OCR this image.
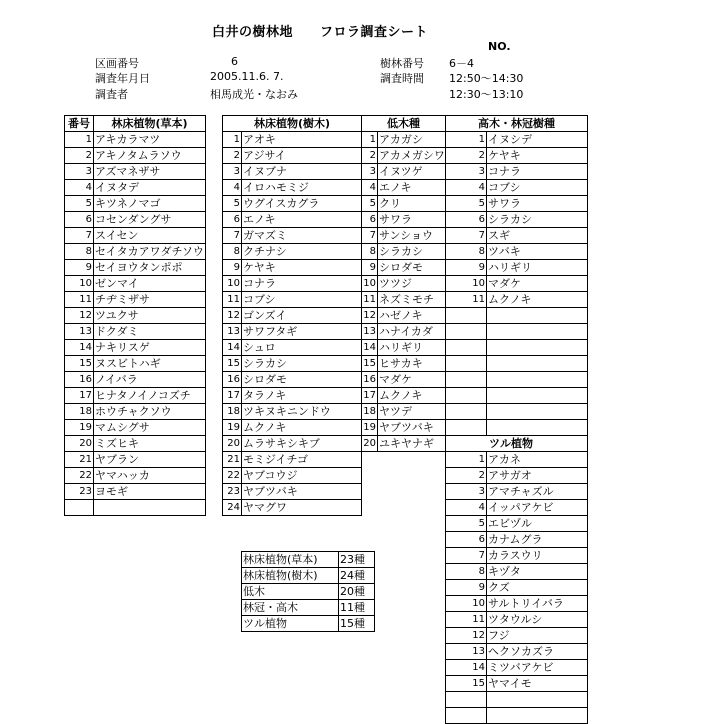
白井の樹林地　　フロラ調査シート
NO.
区画番号	6
調査年月日	2005.11.6. 7.
調査者	相馬成光・なおみ
樹林番号 6－4
調査時間 12:50～14:30
12:30～13:10
番号	林床植物(草本)
1	アキカラマツ
2	アキノタムラソウ
3	アズマネザサ
4	イヌタデ
5	キツネノマゴ
6	コセンダングサ
7	スイセン
8	セイタカアワダチソウ
9	セイヨウタンポポ
10	ゼンマイ
11	チヂミザサ
12	ツユクサ
13	ドクダミ
14	ナキリスゲ
15	ヌスビトハギ
16	ノイバラ
17	ヒナタノイノコズチ
18	ホウチャクソウ
19	マムシグサ
20	ミズヒキ
21	ヤブラン
22	ヤマハッカ
23	ヨモギ

林床植物(樹木)	
1	アオキ
2	アジサイ
3	イヌブナ
4	イロハモミジ
5	ウグイスカグラ
6	エノキ
7	ガマズミ
8	クチナシ
9	ケヤキ
10	コナラ
11	コブシ
12	ゴンズイ
13	サワフタギ
14	シュロ
15	シラカシ
16	シロダモ
17	タラノキ
18	ツキヌキニンドウ
19	ムクノキ
20	ムラサキシキブ
21	モミジイチゴ
22	ヤブコウジ
23	ヤブツバキ
24	ヤマグワ
低木種	
1	アカガシ
2	アカメガシワ
3	イヌツゲ
4	エノキ
5	クリ
6	サワラ
7	サンショウ
8	シラカシ
9	シロダモ
10	ツツジ
11	ネズミモチ
12	ハゼノキ
13	ハナイカダ
14	ハリギリ
15	ヒサカキ
16	マダケ
17	ムクノキ
18	ヤツデ
19	ヤブツバキ
20	ユキヤナギ
高木・林冠樹種	
1	イヌシデ
2	ケヤキ
3	コナラ
4	コブシ
5	サワラ
6	シラカシ
7	スギ
8	ツバキ
9	ハリギリ
10	マダケ
11	ムクノキ

ツル植物	
1	アカネ
2	アサガオ
3	アマチャズル
4	イッパアケビ
5	エビヅル
6	カナムグラ
7	カラスウリ
8	キヅタ
9	クズ
10	サルトリイバラ
11	ツタウルシ
12	フジ
13	ヘクソカズラ
14	ミツバアケビ
15	ヤマイモ

林床植物(草本)	23種
林床植物(樹木)	24種
低木	20種
林冠・高木	11種
ツル植物	15種
